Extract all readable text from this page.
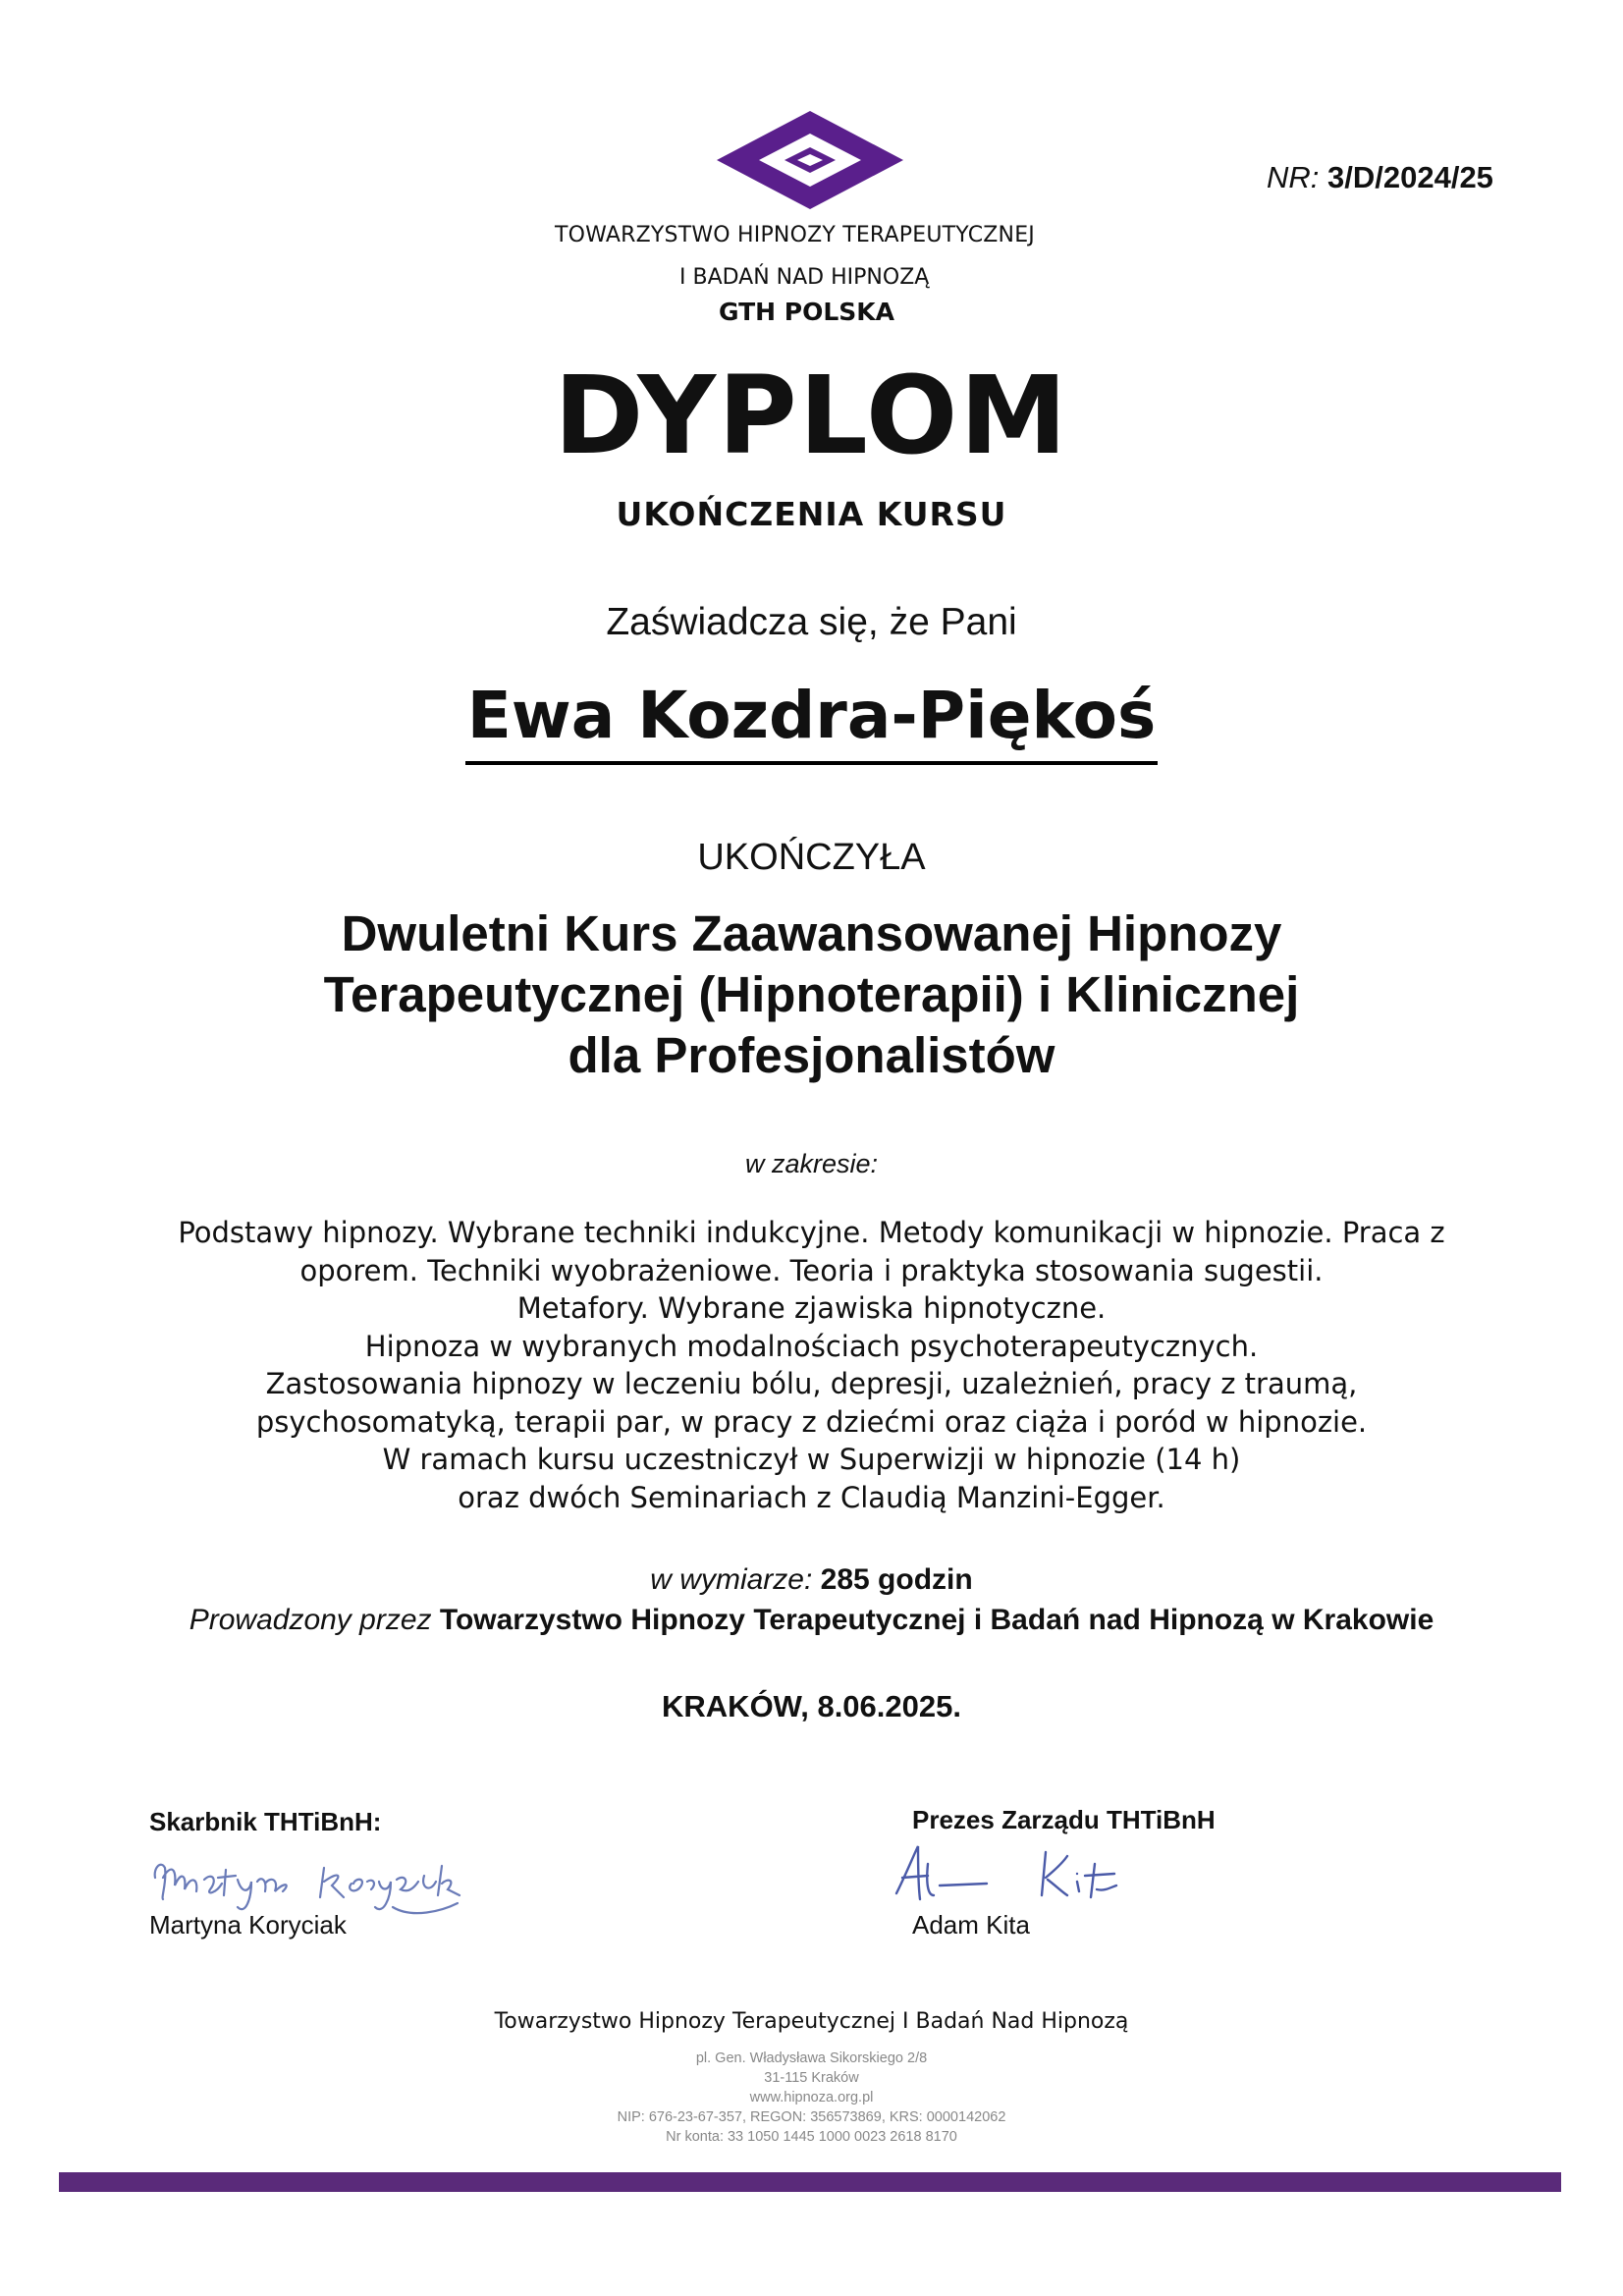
NR: 3/D/2024/25
TOWARZYSTWO HIPNOZY TERAPEUTYCZNEJ
I BADAŃ NAD HIPNOZĄ
GTH POLSKA
DYPLOM
UKOŃCZENIA KURSU
Zaświadcza się, że Pani
Ewa Kozdra-Piękoś
UKOŃCZYŁA
Dwuletni Kurs Zaawansowanej Hipnozy
Terapeutycznej (Hipnoterapii) i Klinicznej
dla Profesjonalistów
w zakresie:
Podstawy hipnozy. Wybrane techniki indukcyjne. Metody komunikacji w hipnozie. Praca z
oporem. Techniki wyobrażeniowe. Teoria i praktyka stosowania sugestii.
Metafory. Wybrane zjawiska hipnotyczne.
Hipnoza w wybranych modalnościach psychoterapeutycznych.
Zastosowania hipnozy w leczeniu bólu, depresji, uzależnień, pracy z traumą,
psychosomatyką, terapii par, w pracy z dziećmi oraz ciąża i poród w hipnozie.
W ramach kursu uczestniczył w Superwizji w hipnozie (14 h)
oraz dwóch Seminariach z Claudią Manzini-Egger.
w wymiarze: 285 godzin
Prowadzony przez Towarzystwo Hipnozy Terapeutycznej i Badań nad Hipnozą w Krakowie
KRAKÓW, 8.06.2025.
Skarbnik THTiBnH:
Martyna Koryciak
Prezes Zarządu THTiBnH
Adam Kita
Towarzystwo Hipnozy Terapeutycznej I Badań Nad Hipnozą
pl. Gen. Władysława Sikorskiego 2/8
31-115 Kraków
www.hipnoza.org.pl
NIP: 676-23-67-357, REGON: 356573869, KRS: 0000142062
Nr konta: 33 1050 1445 1000 0023 2618 8170
